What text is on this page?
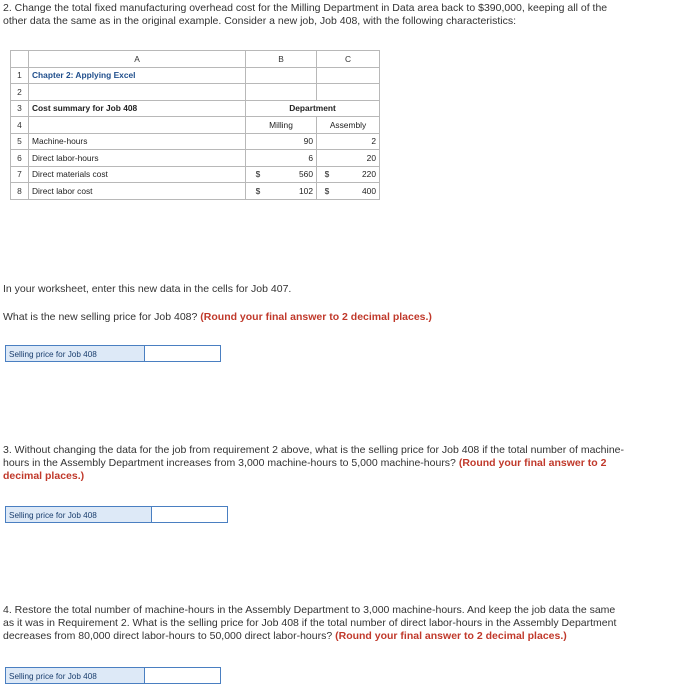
2. Change the total fixed manufacturing overhead cost for the Milling Department in Data area back to $390,000, keeping all of the
other data the same as in the original example. Consider a new job, Job 408, with the following characteristics:
	A	B		C	
1	Chapter 2: Applying Excel				
2					
3	Cost summary for Job 408	Department			
4		Milling		Assembly	
5	Machine-hours		90		2
6	Direct labor-hours		6		20
7	Direct materials cost	$	560	$	220
8	Direct labor cost	$	102	$	400
In your worksheet, enter this new data in the cells for Job 407.
What is the new selling price for Job 408? (Round your final answer to 2 decimal places.)
Selling price for Job 408
3. Without changing the data for the job from requirement 2 above, what is the selling price for Job 408 if the total number of machine-
hours in the Assembly Department increases from 3,000 machine-hours to 5,000 machine-hours? (Round your final answer to 2
decimal places.)
Selling price for Job 408
4. Restore the total number of machine-hours in the Assembly Department to 3,000 machine-hours. And keep the job data the same
as it was in Requirement 2. What is the selling price for Job 408 if the total number of direct labor-hours in the Assembly Department
decreases from 80,000 direct labor-hours to 50,000 direct labor-hours? (Round your final answer to 2 decimal places.)
Selling price for Job 408
